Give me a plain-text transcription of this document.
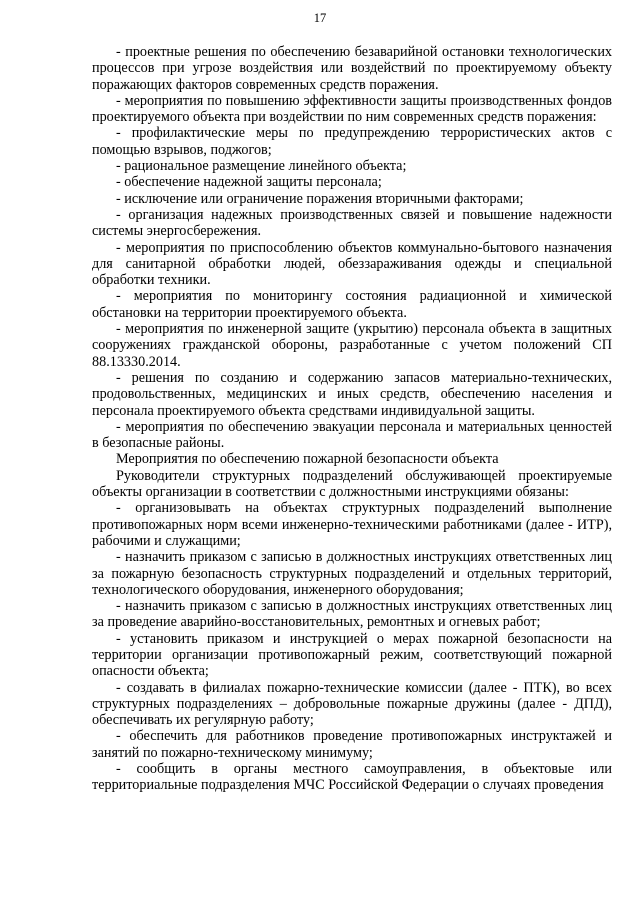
17

- проектные решения по обеспечению безаварийной остановки технологических процессов при угрозе воздействия или воздействий по проектируемому объекту поражающих факторов современных средств поражения.

- мероприятия по повышению эффективности защиты производственных фондов проектируемого объекта при воздействии по ним современных средств поражения:

- профилактические меры по предупреждению террористических актов с помощью взрывов, поджогов;

- рациональное размещение линейного объекта;

- обеспечение надежной защиты персонала;

- исключение или ограничение поражения вторичными факторами;

- организация надежных производственных связей и повышение надежности системы энергосбережения.

- мероприятия по приспособлению объектов коммунально-бытового назначения для санитарной обработки людей, обеззараживания одежды и специальной обработки техники.

- мероприятия по мониторингу состояния радиационной и химической обстановки на территории проектируемого объекта.

- мероприятия по инженерной защите (укрытию) персонала объекта в защитных сооружениях гражданской обороны, разработанные с учетом положений СП 88.13330.2014.

- решения по созданию и содержанию запасов материально-технических, продовольственных, медицинских и иных средств, обеспечению населения и персонала проектируемого объекта средствами индивидуальной защиты.

- мероприятия по обеспечению эвакуации персонала и материальных ценностей в безопасные районы.

Мероприятия по обеспечению пожарной безопасности объекта

Руководители структурных подразделений обслуживающей проектируемые объекты организации в соответствии с должностными инструкциями обязаны:

- организовывать на объектах структурных подразделений выполнение противопожарных норм всеми инженерно-техническими работниками (далее - ИТР), рабочими и служащими;

- назначить приказом с записью в должностных инструкциях ответственных лиц за пожарную безопасность структурных подразделений и отдельных территорий, технологического оборудования, инженерного оборудования;

- назначить приказом с записью в должностных инструкциях ответственных лиц за проведение аварийно-восстановительных, ремонтных и огневых работ;

- установить приказом и инструкцией о мерах пожарной безопасности на территории организации противопожарный режим, соответствующий пожарной опасности объекта;

- создавать в филиалах пожарно-технические комиссии (далее - ПТК), во всех структурных подразделениях – добровольные пожарные дружины (далее - ДПД), обеспечивать их регулярную работу;

- обеспечить для работников проведение противопожарных инструктажей и занятий по пожарно-техническому минимуму;

- сообщить в органы местного самоуправления, в объектовые или территориальные подразделения МЧС Российской Федерации о случаях проведения
